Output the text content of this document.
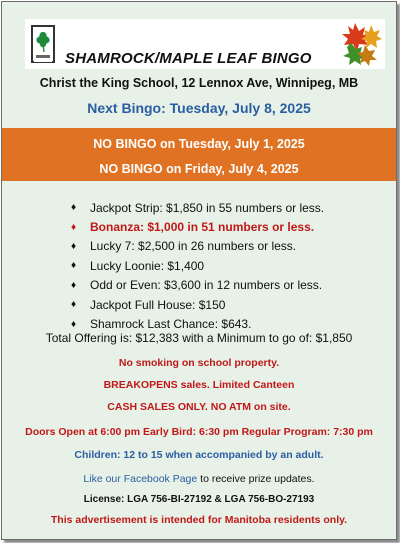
SHAMROCK/MAPLE LEAF BINGO
Christ the King School, 12 Lennox Ave, Winnipeg, MB
Next Bingo: Tuesday, July 8, 2025
NO BINGO on Tuesday, July 1, 2025
NO BINGO on Friday, July 4, 2025
♦	Jackpot Strip: $1,850 in 55 numbers or less.
♦	Bonanza: $1,000 in 51 numbers or less.
♦	Lucky 7: $2,500 in 26 numbers or less.
♦	Lucky Loonie: $1,400
♦	Odd or Even: $3,600 in 12 numbers or less.
♦	Jackpot Full House: $150
♦	Shamrock Last Chance: $643.
Total Offering is: $12,383 with a Minimum to go of: $1,850
No smoking on school property.
BREAKOPENS sales. Limited Canteen
CASH SALES ONLY. NO ATM on site.
Doors Open at 6:00 pm Early Bird: 6:30 pm Regular Program: 7:30 pm
Children: 12 to 15 when accompanied by an adult.
Like our Facebook Page to receive prize updates.
License: LGA 756-BI-27192 & LGA 756-BO-27193
This advertisement is intended for Manitoba residents only.
